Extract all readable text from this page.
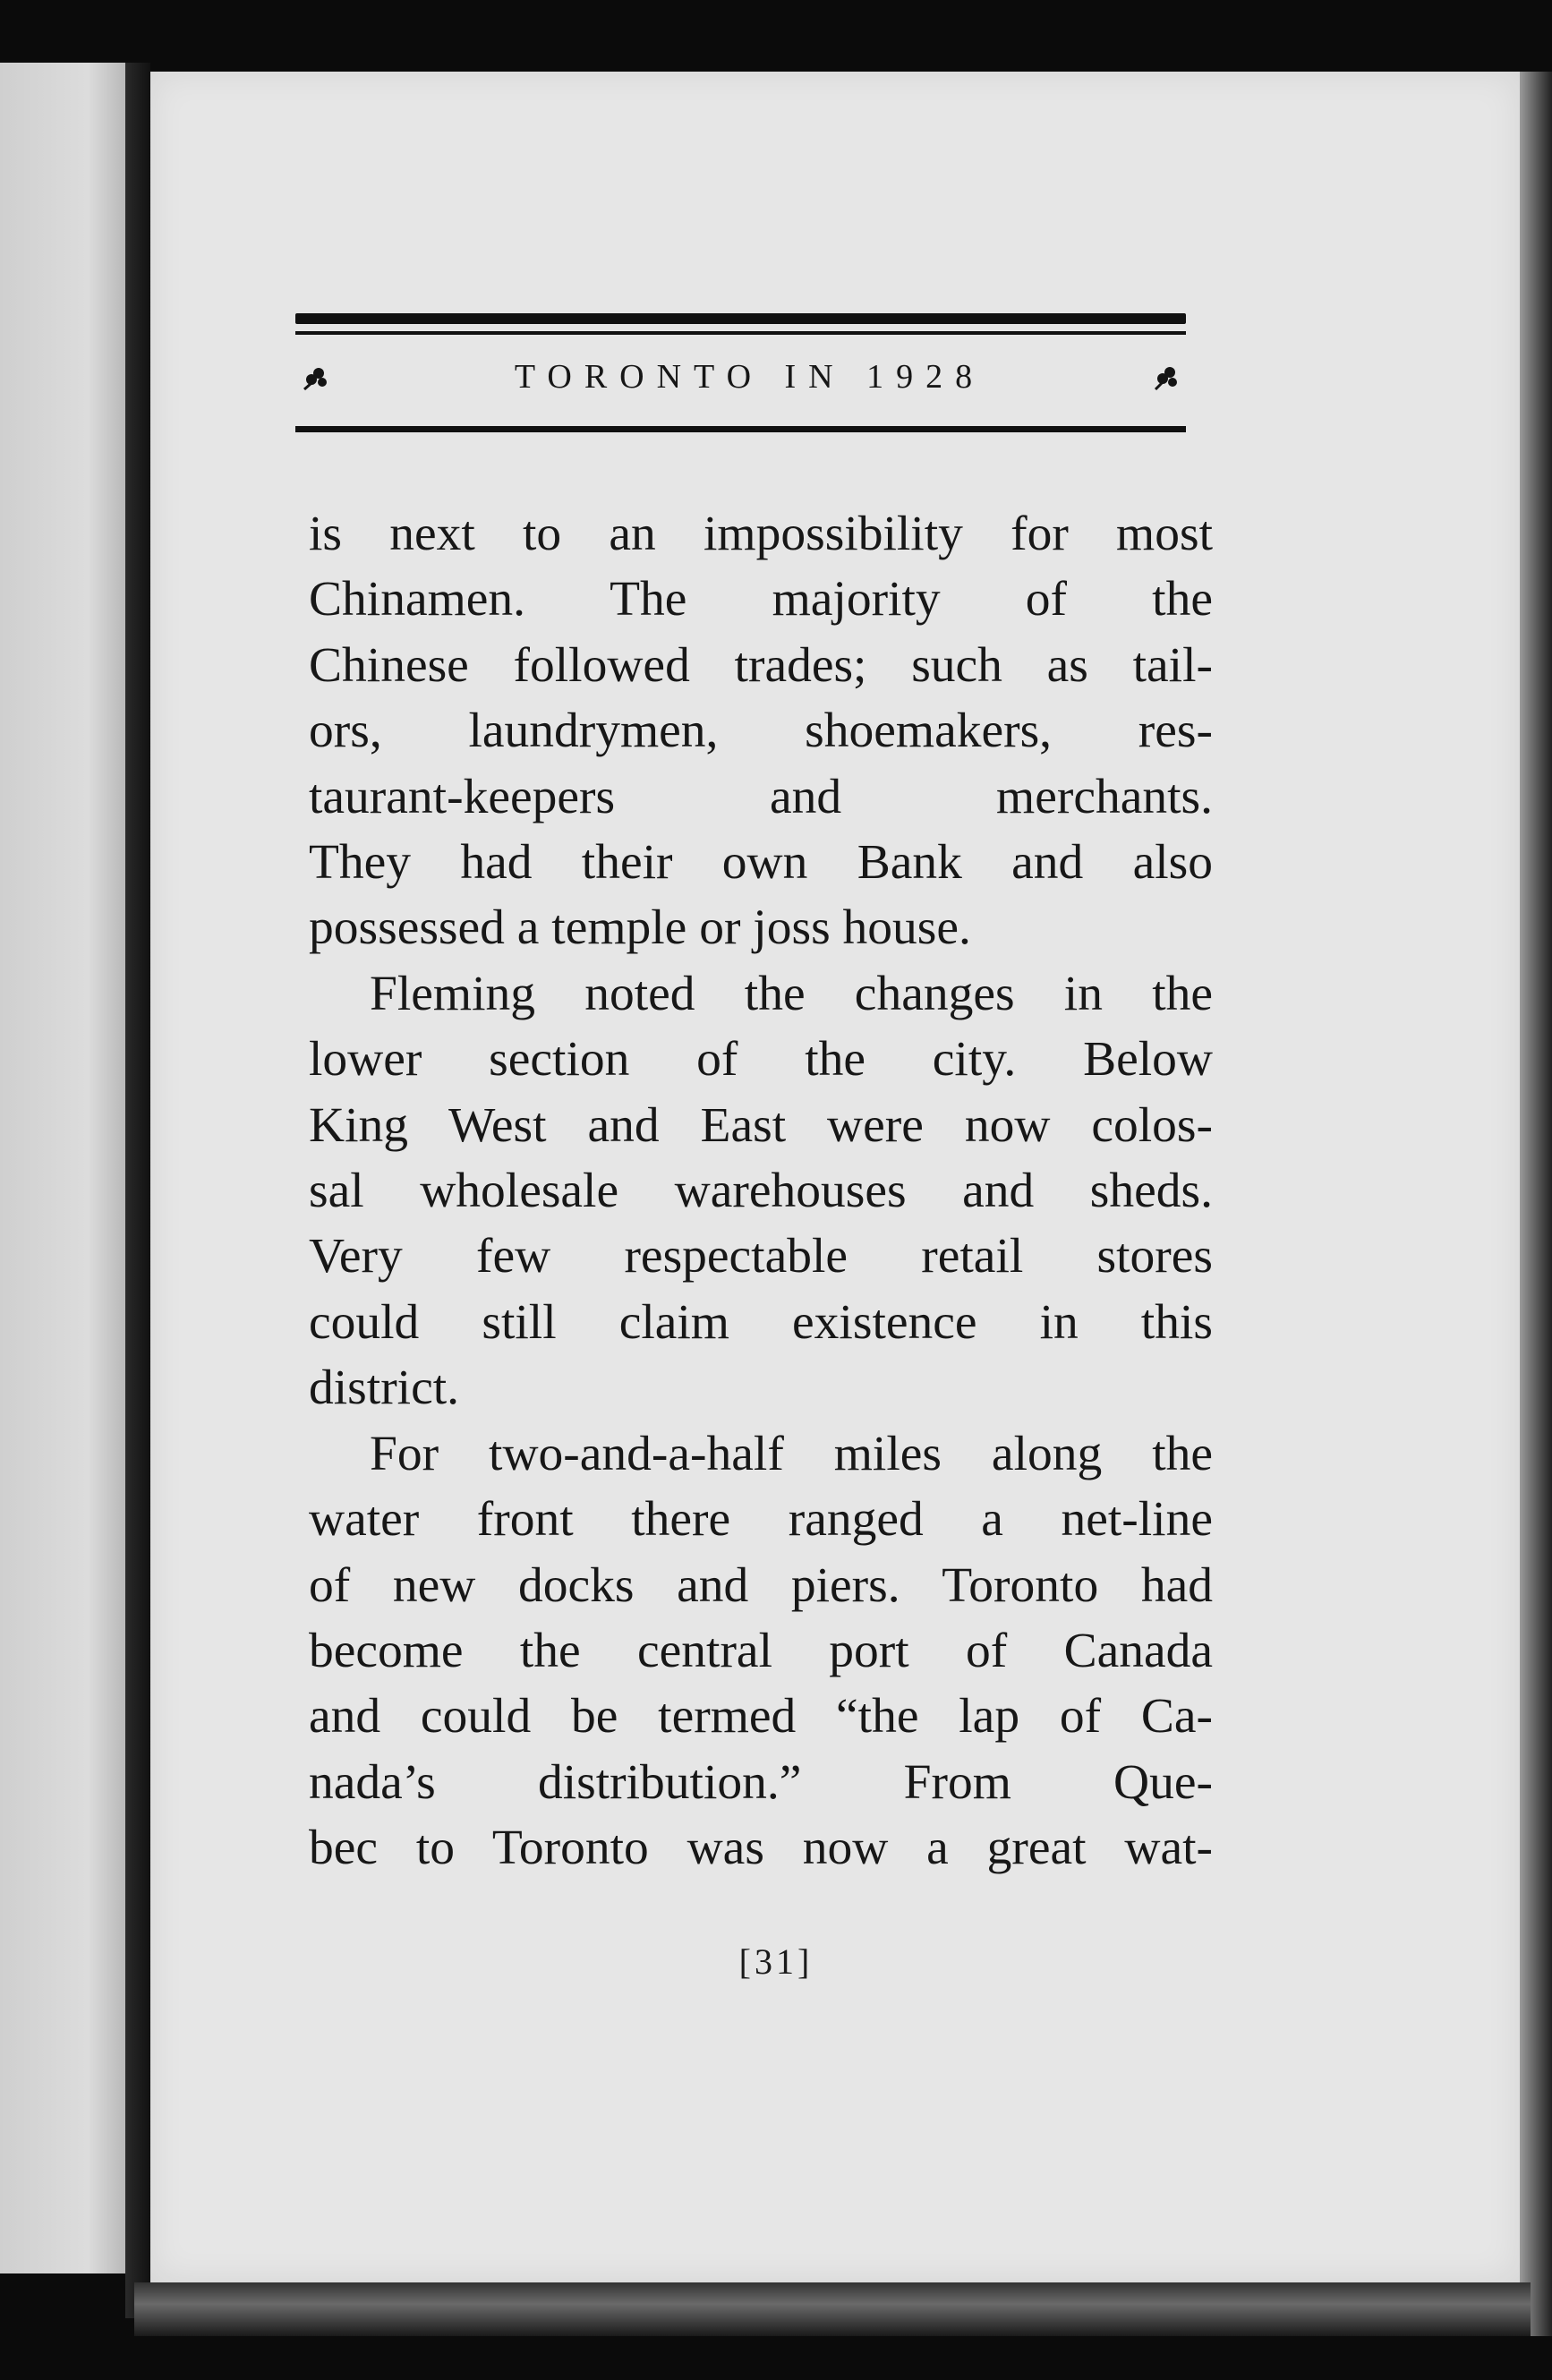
TORONTO IN 1928

is next to an impossibility for most
Chinamen. The majority of the
Chinese followed trades; such as tail-
ors, laundrymen, shoemakers, res-
taurant-keepers and merchants.
They had their own Bank and also
possessed a temple or joss house.

Fleming noted the changes in the
lower section of the city. Below
King West and East were now colos-
sal wholesale warehouses and sheds.
Very few respectable retail stores
could still claim existence in this
district.

For two-and-a-half miles along the
water front there ranged a net-line
of new docks and piers. Toronto had
become the central port of Canada
and could be termed “the lap of Ca-
nada’s distribution.” From Que-
bec to Toronto was now a great wat-

[31]
